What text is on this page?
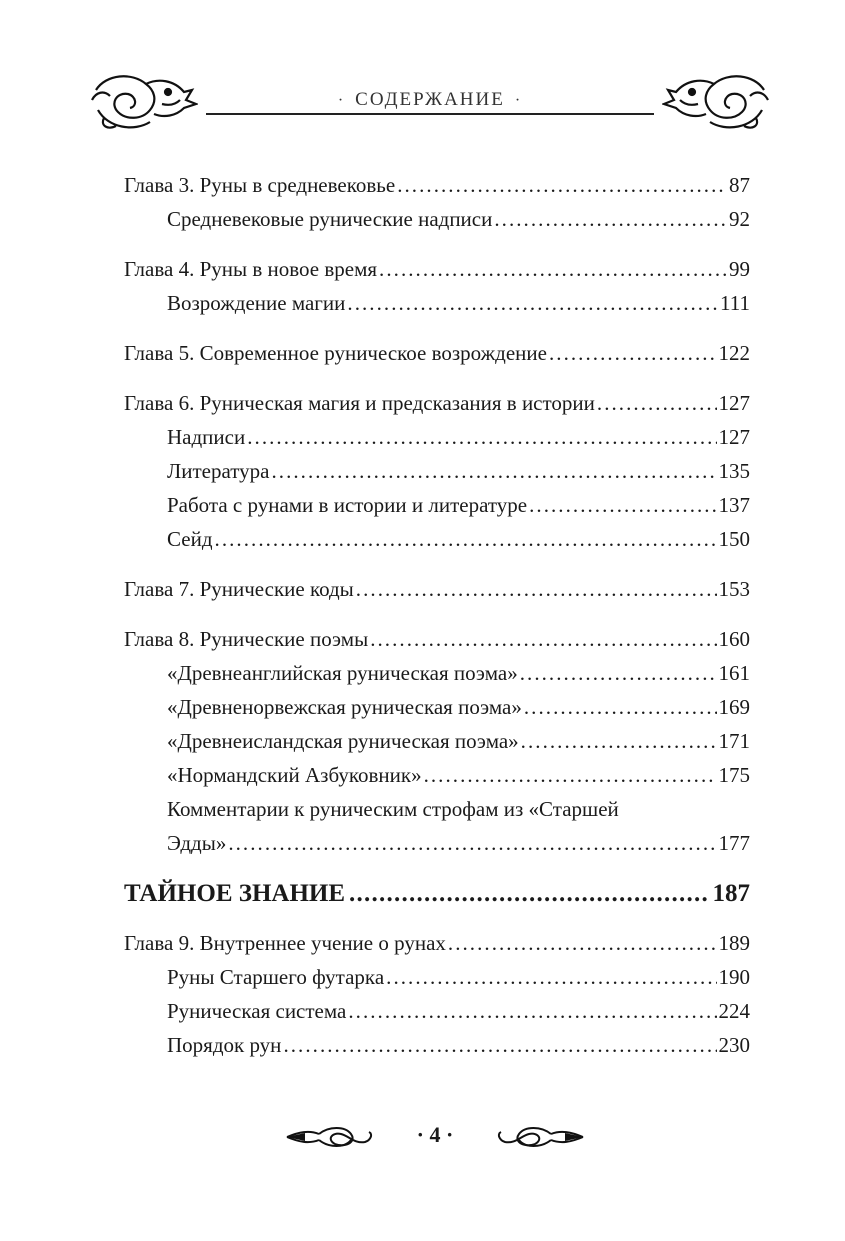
· СОДЕРЖАНИЕ ·
Глава 3. Руны в средневековье . . .	87
Средневековые рунические надписи . . .	92
Глава 4. Руны в новое время . . .	99
Возрождение магии . . .	111
Глава 5. Современное руническое возрождение . . .	122
Глава 6. Руническая магия и предсказания в истории . . .	127
Надписи . . .	127
Литература . . .	135
Работа с рунами в истории и литературе . . .	137
Сейд . . .	150
Глава 7. Рунические коды . . .	153
Глава 8. Рунические поэмы . . .	160
«Древнеанглийская руническая поэма» . . .	161
«Древненорвежская руническая поэма» . . .	169
«Древнеисландская руническая поэма» . . .	171
«Нормандский Азбуковник» . . .	175
Комментарии к руническим строфам из «Старшей
Эдды» . . .	177
ТАЙНОЕ ЗНАНИЕ . . .	187
Глава 9. Внутреннее учение о рунах . . .	189
Руны Старшего футарка . . .	190
Руническая система . . .	224
Порядок рун . . .	230
· 4 ·
